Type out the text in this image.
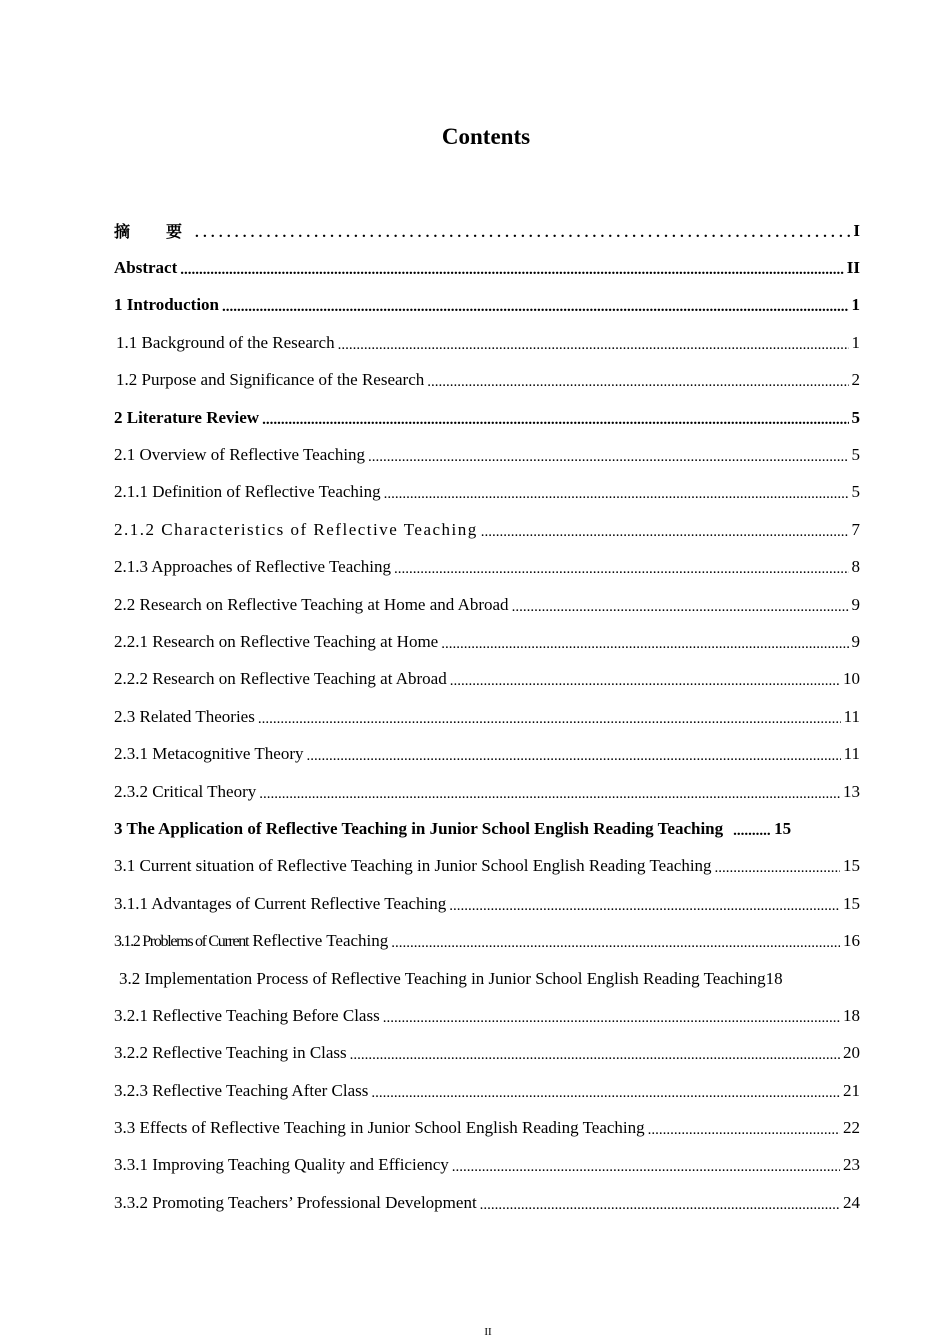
Contents
摘　要 .....	I
Abstract .....	II
1 Introduction .....	1
1.1 Background of the Research .....	1
1.2 Purpose and Significance of the Research .....	2
2 Literature Review .....	5
2.1 Overview of Reflective Teaching .....	5
2.1.1 Definition of Reflective Teaching .....	5
2.1.2 Characteristics of Reflective Teaching .....	7
2.1.3 Approaches of Reflective Teaching .....	8
2.2 Research on Reflective Teaching at Home and Abroad .....	9
2.2.1 Research on Reflective Teaching at Home .....	9
2.2.2 Research on Reflective Teaching at Abroad .....	10
2.3 Related Theories .....	11
2.3.1 Metacognitive Theory .....	11
2.3.2 Critical Theory .....	13
3 The Application of Reflective Teaching in Junior School English Reading Teaching .....	15
3.1 Current situation of Reflective Teaching in Junior School English Reading Teaching .....	15
3.1.1 Advantages of Current Reflective Teaching .....	15
3.1.2 Problems of Current Reflective Teaching .....	16
3.2 Implementation Process of Reflective Teaching in Junior School English Reading Teaching 18
3.2.1 Reflective Teaching Before Class .....	18
3.2.2 Reflective Teaching in Class .....	20
3.2.3 Reflective Teaching After Class .....	21
3.3 Effects of Reflective Teaching in Junior School English Reading Teaching .....	22
3.3.1 Improving Teaching Quality and Efficiency .....	23
3.3.2 Promoting Teachers’ Professional Development .....	24
II
